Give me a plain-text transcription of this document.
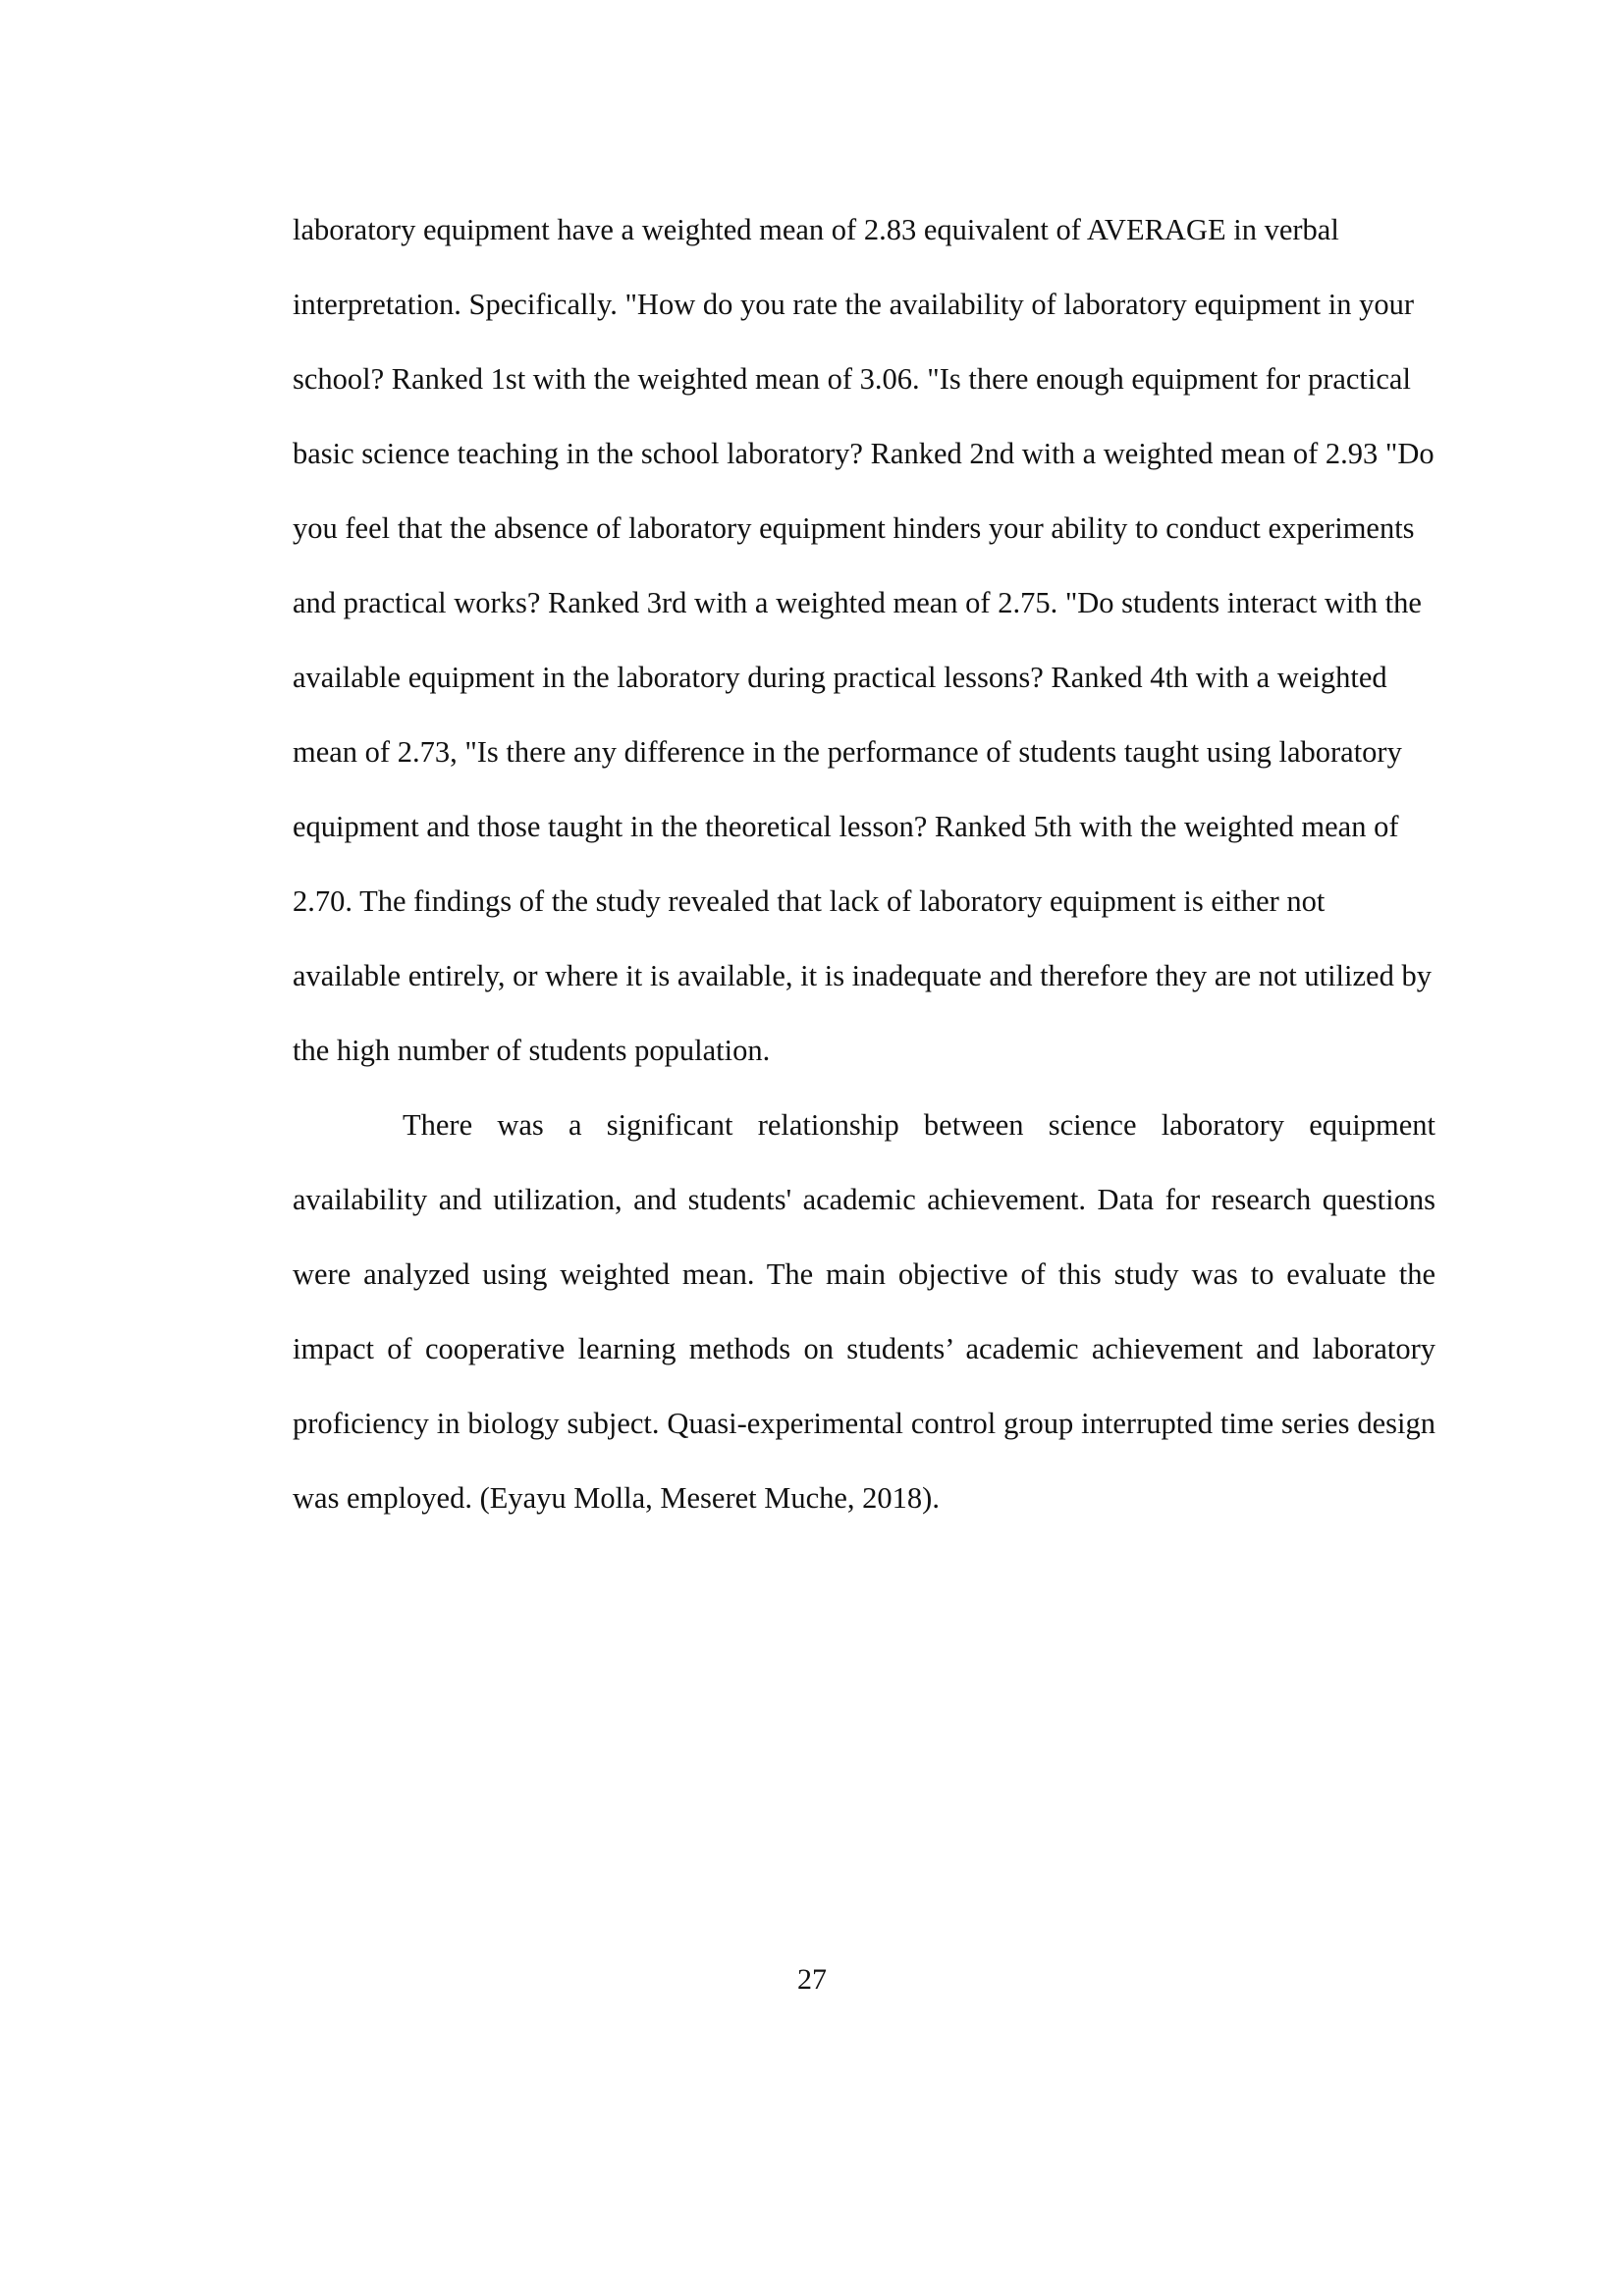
laboratory equipment have a weighted mean of 2.83 equivalent of AVERAGE in verbal interpretation. Specifically. "How do you rate the availability of laboratory equipment in your school? Ranked 1st with the weighted mean of 3.06. "Is there enough equipment for practical basic science teaching in the school laboratory? Ranked 2nd with a weighted mean of 2.93 "Do you feel that the absence of laboratory equipment hinders your ability to conduct experiments and practical works? Ranked 3rd with a weighted mean of 2.75. "Do students interact with the available equipment in the laboratory during practical lessons? Ranked 4th with a weighted mean of 2.73, "Is there any difference in the performance of students taught using laboratory equipment and those taught in the theoretical lesson? Ranked 5th with the weighted mean of 2.70. The findings of the study revealed that lack of laboratory equipment is either not available entirely, or where it is available, it is inadequate and therefore they are not utilized by the high number of students population.

There was a significant relationship between science laboratory equipment availability and utilization, and students' academic achievement. Data for research questions were analyzed using weighted mean. The main objective of this study was to evaluate the impact of cooperative learning methods on students’ academic achievement and laboratory proficiency in biology subject. Quasi-experimental control group interrupted time series design was employed. (Eyayu Molla, Meseret Muche, 2018).

27
